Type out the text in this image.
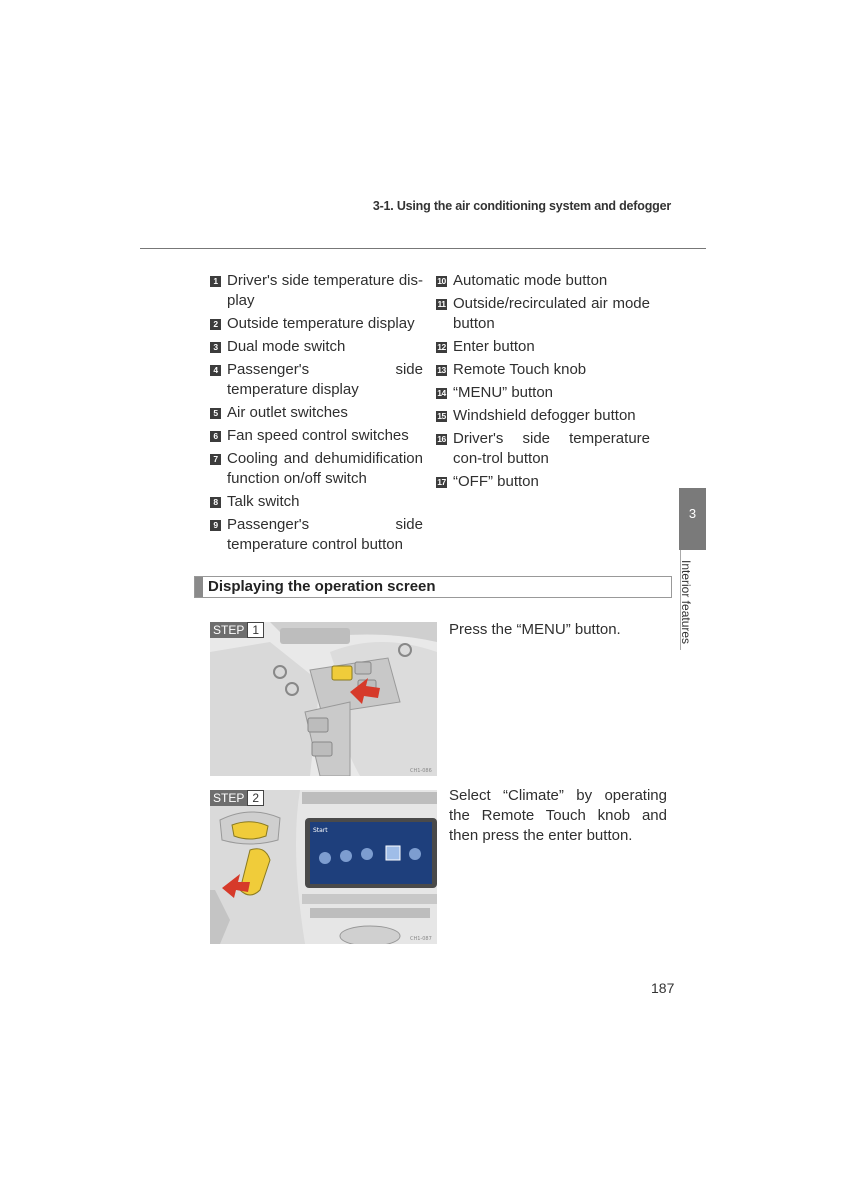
3-1. Using the air conditioning system and defogger
1 Driver's side temperature dis-play
2 Outside temperature display
3 Dual mode switch
4 Passenger's side temperature display
5 Air outlet switches
6 Fan speed control switches
7 Cooling and dehumidification function on/off switch
8 Talk switch
9 Passenger's side temperature control button
10 Automatic mode button
11 Outside/recirculated air mode button
12 Enter button
13 Remote Touch knob
14 “MENU” button
15 Windshield defogger button
16 Driver's side temperature con-trol button
17 “OFF” button
Displaying the operation screen
3
Interior features
CH1-086
STEP 1	Press the “MENU” button.
Start
CH1-087
STEP 2	Select “Climate” by operating the Remote Touch knob and then press the enter button.
187
